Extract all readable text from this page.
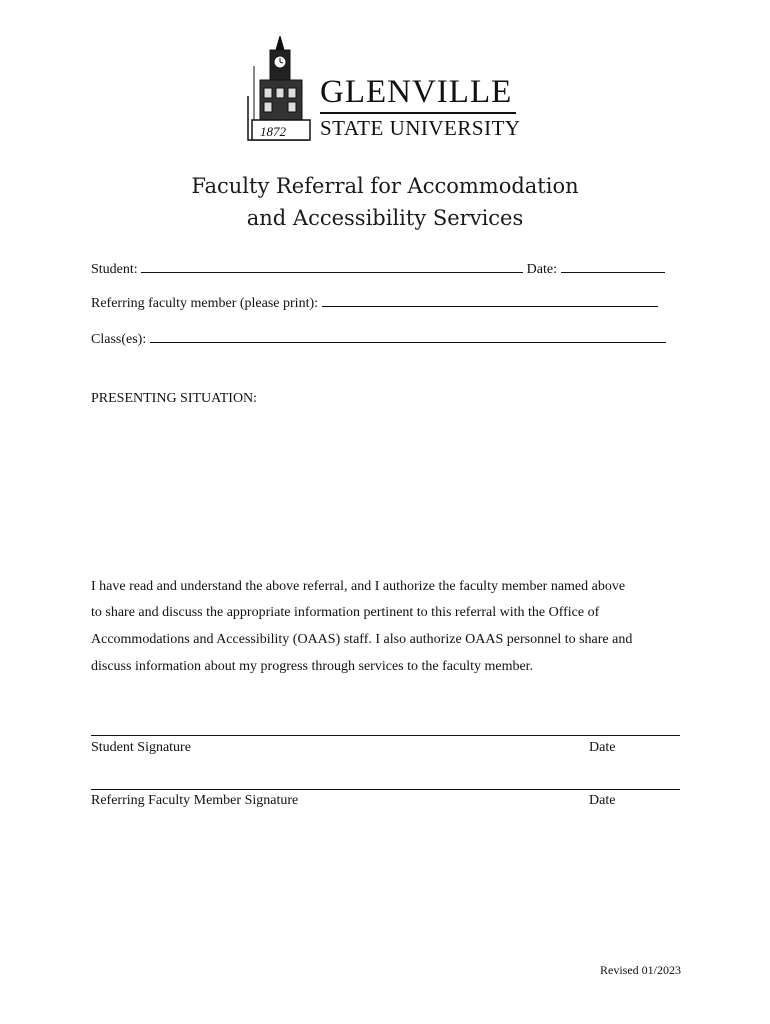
1872
GLENVILLE
STATE UNIVERSITY
Faculty Referral for Accommodation
and Accessibility Services
Student:	Date:
Referring faculty member (please print):
Class(es):
PRESENTING SITUATION:
I have read and understand the above referral, and I authorize the faculty member named above
to share and discuss the appropriate information pertinent to this referral with the Office of
Accommodations and Accessibility (OAAS) staff. I also authorize OAAS personnel to share and
discuss information about my progress through services to the faculty member.
Student Signature	Date
Referring Faculty Member Signature	Date
Revised 01/2023
